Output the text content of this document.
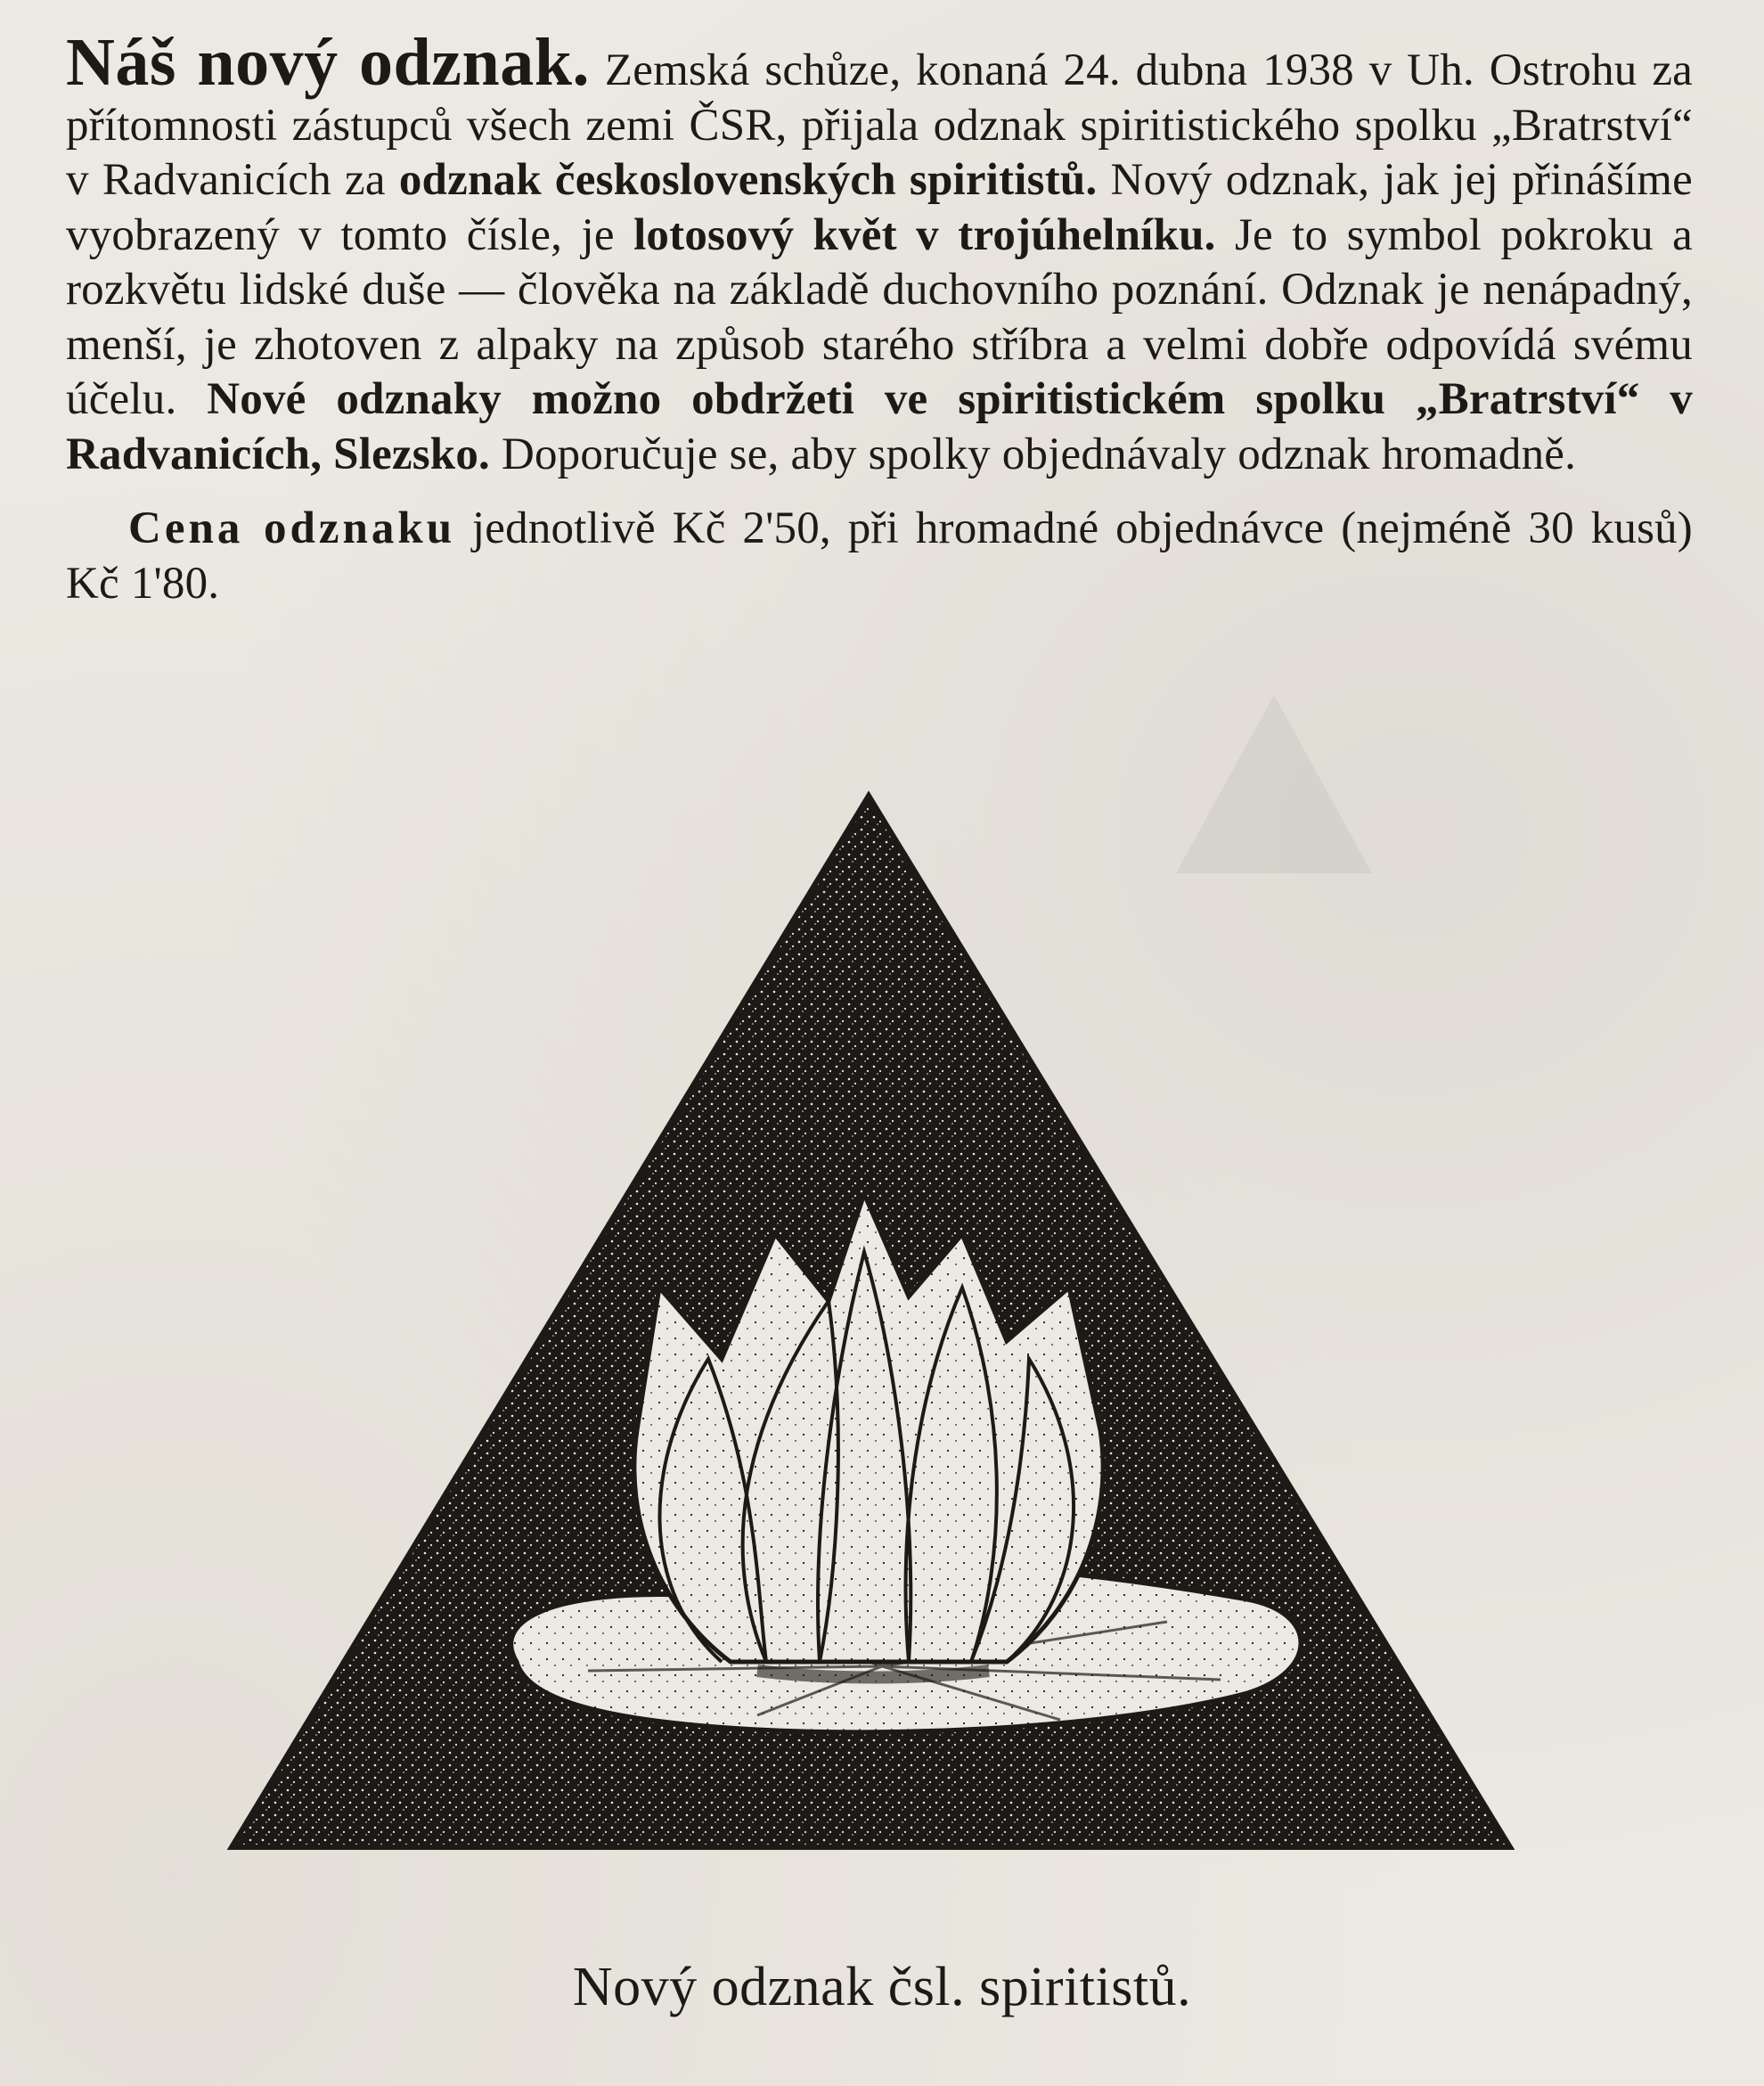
Náš nový odznak. Zemská schůze, konaná 24. dubna 1938 v Uh. Ostrohu za přítomnosti zástupců všech zemi ČSR, přijala odznak spiritistického spolku „Bratrství“ v Radvanicích za odznak československých spiritistů. Nový odznak, jak jej přinášíme vyobrazený v tomto čísle, je lotosový květ v trojúhelníku. Je to symbol pokroku a rozkvětu lidské duše — člověka na základě duchovního poznání. Odznak je nenápadný, menší, je zhotoven z alpaky na způsob starého stříbra a velmi dobře odpovídá svému účelu. Nové odznaky možno obdržeti ve spiritistickém spolku „Bratrství“ v Radvanicích, Slezsko. Doporučuje se, aby spolky objednávaly odznak hromadně.

Cena odznaku jednotlivě Kč 2'50, při hromadné objednávce (nejméně 30 kusů) Kč 1'80.

Nový odznak čsl. spiritistů.
